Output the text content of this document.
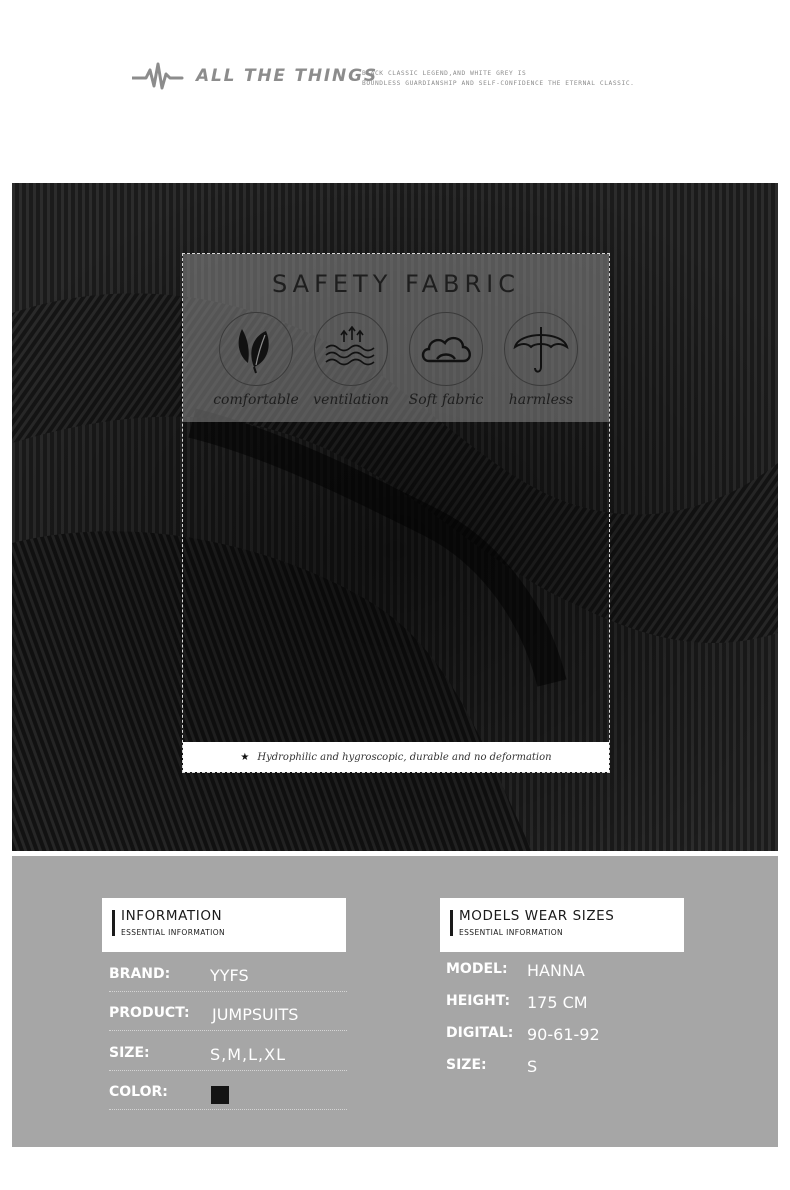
ALL THE THINGS
BLACK CLASSIC LEGEND,AND WHITE GREY IS
BOUNDLESS GUARDIANSHIP AND SELF-CONFIDENCE THE ETERNAL CLASSIC.
SAFETY FABRIC
comfortable	ventilation	Soft fabric	harmless
★ Hydrophilic and hygroscopic, durable and no deformation
INFORMATION
ESSENTIAL INFORMATION
BRAND: YYFS
PRODUCT: JUMPSUITS
SIZE:	S,M,L,XL
COLOR:
MODELS WEAR SIZES
ESSENTIAL INFORMATION
MODEL: HANNA
HEIGHT: 175 CM
DIGITAL: 90-61-92
SIZE:	S
